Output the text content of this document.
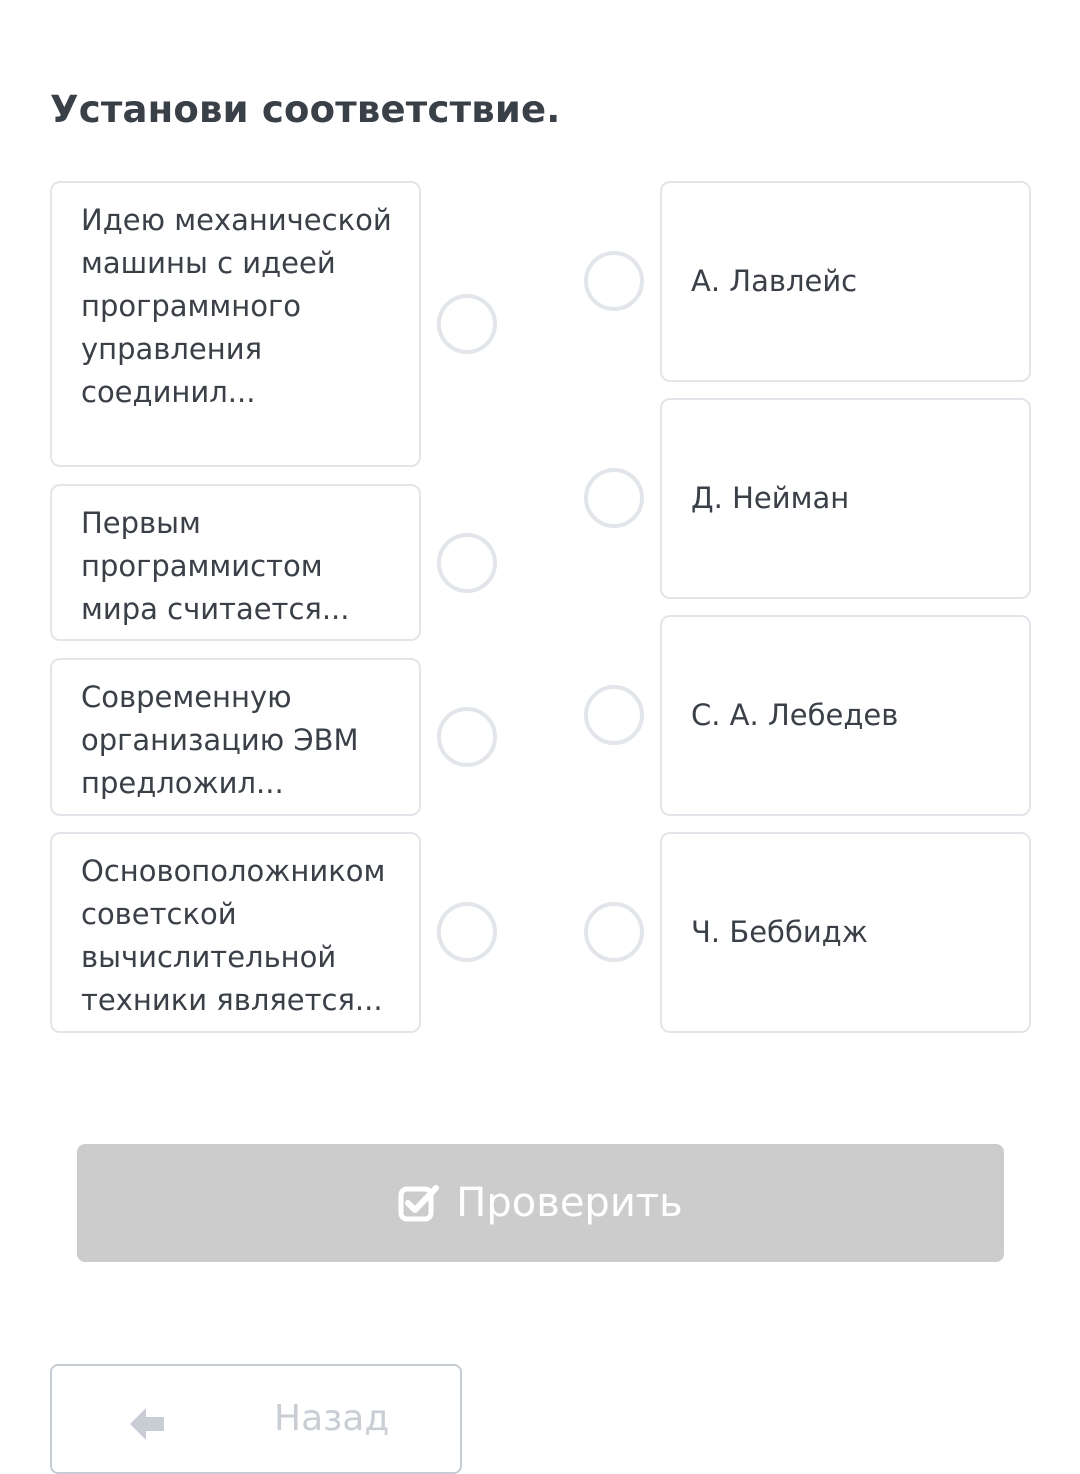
Установи соответствие.
Идею механической машины с идеей программного управления соединил...
Первым программистом мира считается...
Современную организацию ЭВМ предложил...
Основоположником советской вычислительной техники является...
А. Лавлейс
Д. Нейман
С. А. Лебедев
Ч. Беббидж
Проверить
Назад
